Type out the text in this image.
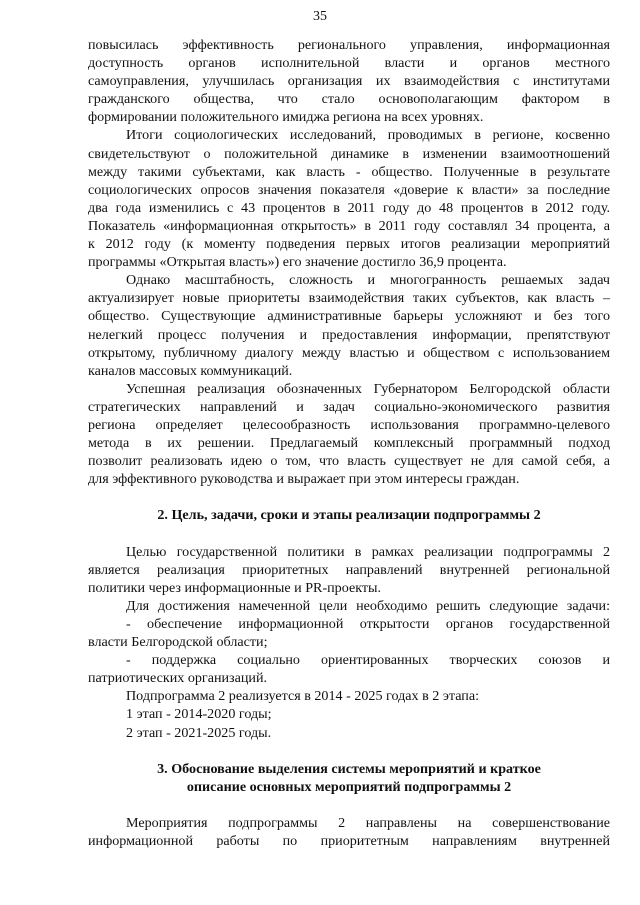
35
повысилась эффективность регионального управления, информационная
доступность органов исполнительной власти и органов местного
самоуправления, улучшилась организация их взаимодействия с институтами
гражданского общества, что стало основополагающим фактором в
формировании положительного имиджа региона на всех уровнях.
Итоги социологических исследований, проводимых в регионе, косвенно
свидетельствуют о положительной динамике в изменении взаимоотношений
между такими субъектами, как власть - общество. Полученные в результате
социологических опросов значения показателя «доверие к власти» за последние
два года изменились с 43 процентов в 2011 году до 48 процентов в 2012 году.
Показатель «информационная открытость» в 2011 году составлял 34 процента, а
к 2012 году (к моменту подведения первых итогов реализации мероприятий
программы «Открытая власть») его значение достигло 36,9 процента.
Однако масштабность, сложность и многогранность решаемых задач
актуализирует новые приоритеты взаимодействия таких субъектов, как власть –
общество. Существующие административные барьеры усложняют и без того
нелегкий процесс получения и предоставления информации, препятствуют
открытому, публичному диалогу между властью и обществом с использованием
каналов массовых коммуникаций.
Успешная реализация обозначенных Губернатором Белгородской области
стратегических направлений и задач социально-экономического развития
региона определяет целесообразность использования программно-целевого
метода в их решении. Предлагаемый комплексный программный подход
позволит реализовать идею о том, что власть существует не для самой себя, а
для эффективного руководства и выражает при этом интересы граждан.
2. Цель, задачи, сроки и этапы реализации подпрограммы 2
Целью государственной политики в рамках реализации подпрограммы 2
является реализация приоритетных направлений внутренней региональной
политики через информационные и PR-проекты.
Для достижения намеченной цели необходимо решить следующие задачи:
- обеспечение информационной открытости органов государственной
власти Белгородской области;
- поддержка социально ориентированных творческих союзов и
патриотических организаций.
Подпрограмма 2 реализуется в 2014 - 2025 годах в 2 этапа:
1 этап - 2014-2020 годы;
2 этап - 2021-2025 годы.
3. Обоснование выделения системы мероприятий и краткое
описание основных мероприятий подпрограммы 2
Мероприятия подпрограммы 2 направлены на совершенствование
информационной работы по приоритетным направлениям внутренней
